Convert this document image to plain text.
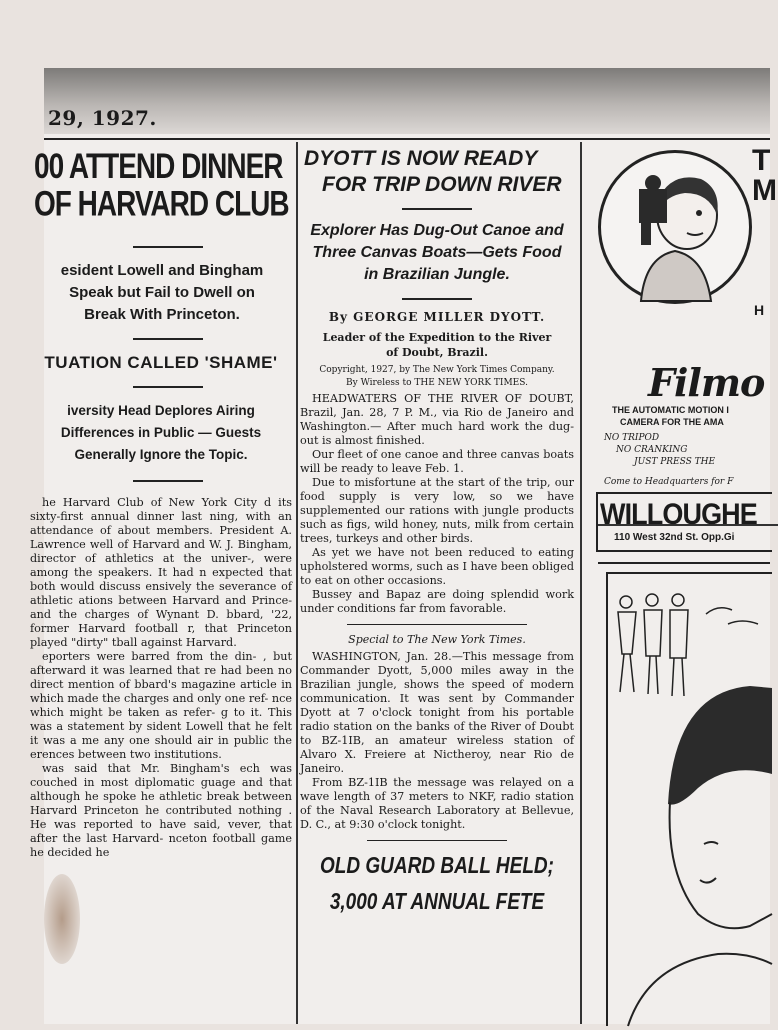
29, 1927.
00 ATTEND DINNER
OF HARVARD CLUB
esident Lowell and Bingham
Speak but Fail to Dwell on
Break With Princeton.
TUATION CALLED 'SHAME'
iversity Head Deplores Airing
Differences in Public — Guests
Generally Ignore the Topic.

he Harvard Club of New York City d its sixty-first annual dinner last ning, with an attendance of about members. President A. Lawrence well of Harvard and W. J. Bingham, director of athletics at the univer-, were among the speakers. It had n expected that both would discuss ensively the severance of athletic ations between Harvard and Prince- and the charges of Wynant D. bbard, '22, former Harvard football r, that Princeton played "dirty" tball against Harvard.

eporters were barred from the din- , but afterward it was learned that re had been no direct mention of bbard's magazine article in which made the charges and only one ref- nce which might be taken as refer- g to it. This was a statement by sident Lowell that he felt it was a me any one should air in public the erences between two institutions.

was said that Mr. Bingham's ech was couched in most diplomatic guage and that although he spoke he athletic break between Harvard Princeton he contributed nothing . He was reported to have said, vever, that after the last Harvard- nceton football game he decided he

DYOTT IS NOW READY
FOR TRIP DOWN RIVER
Explorer Has Dug-Out Canoe and
Three Canvas Boats—Gets Food
in Brazilian Jungle.
By GEORGE MILLER DYOTT.
Leader of the Expedition to the River
of Doubt, Brazil.
Copyright, 1927, by The New York Times Company.
By Wireless to THE NEW YORK TIMES.

HEADWATERS OF THE RIVER OF DOUBT, Brazil, Jan. 28, 7 P. M., via Rio de Janeiro and Washington.— After much hard work the dug-out is almost finished.

Our fleet of one canoe and three canvas boats will be ready to leave Feb. 1.

Due to misfortune at the start of the trip, our food supply is very low, so we have supplemented our rations with jungle products such as figs, wild honey, nuts, milk from certain trees, turkeys and other birds.

As yet we have not been reduced to eating upholstered worms, such as I have been obliged to eat on other occasions.

Bussey and Bapaz are doing splendid work under conditions far from favorable.

Special to The New York Times.

WASHINGTON, Jan. 28.—This message from Commander Dyott, 5,000 miles away in the Brazilian jungle, shows the speed of modern communication. It was sent by Commander Dyott at 7 o'clock tonight from his portable radio station on the banks of the River of Doubt to BZ-1IB, an amateur wireless station of Alvaro X. Freiere at Nictheroy, near Rio de Janeiro.

From BZ-1IB the message was relayed on a wave length of 37 meters to NKF, radio station of the Naval Research Laboratory at Bellevue, D. C., at 9:30 o'clock tonight.

OLD GUARD BALL HELD;
3,000 AT ANNUAL FETE
T
M
H
Filmo
THE AUTOMATIC MOTION I
CAMERA FOR THE AMA
NO TRIPOD
NO CRANKING
JUST PRESS THE
Come to Headquarters for F
WILLOUGHE
110 West 32nd St. Opp.Gi
